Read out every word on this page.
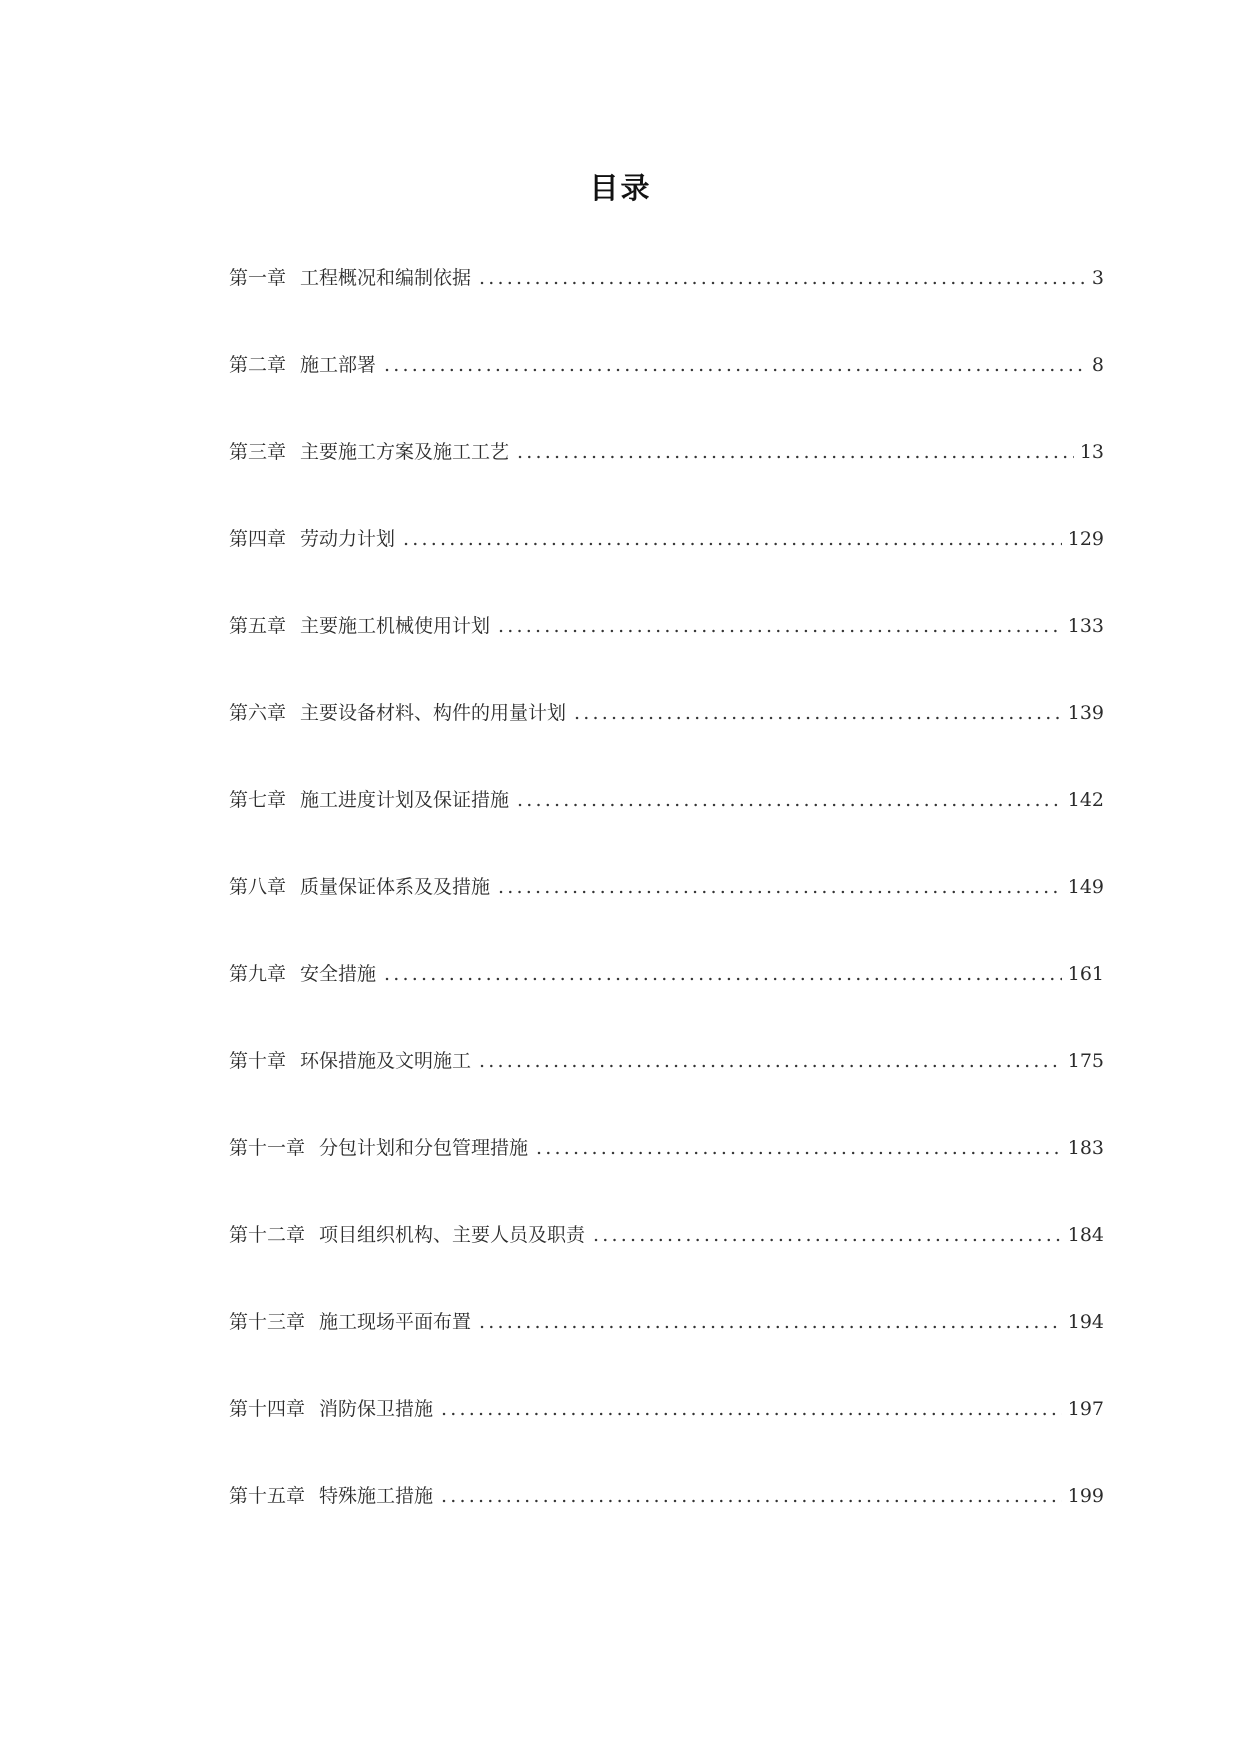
目录
第一章 工程概况和编制依据 .....	3
第二章 施工部署 .....	8
第三章 主要施工方案及施工工艺 .....	13
第四章 劳动力计划 .....	129
第五章 主要施工机械使用计划 .....	133
第六章 主要设备材料、构件的用量计划 .....	139
第七章 施工进度计划及保证措施 .....	142
第八章 质量保证体系及及措施 .....	149
第九章 安全措施 .....	161
第十章 环保措施及文明施工 .....	175
第十一章 分包计划和分包管理措施 .....	183
第十二章 项目组织机构、主要人员及职责 .....	184
第十三章 施工现场平面布置 .....	194
第十四章 消防保卫措施 .....	197
第十五章 特殊施工措施 .....	199
